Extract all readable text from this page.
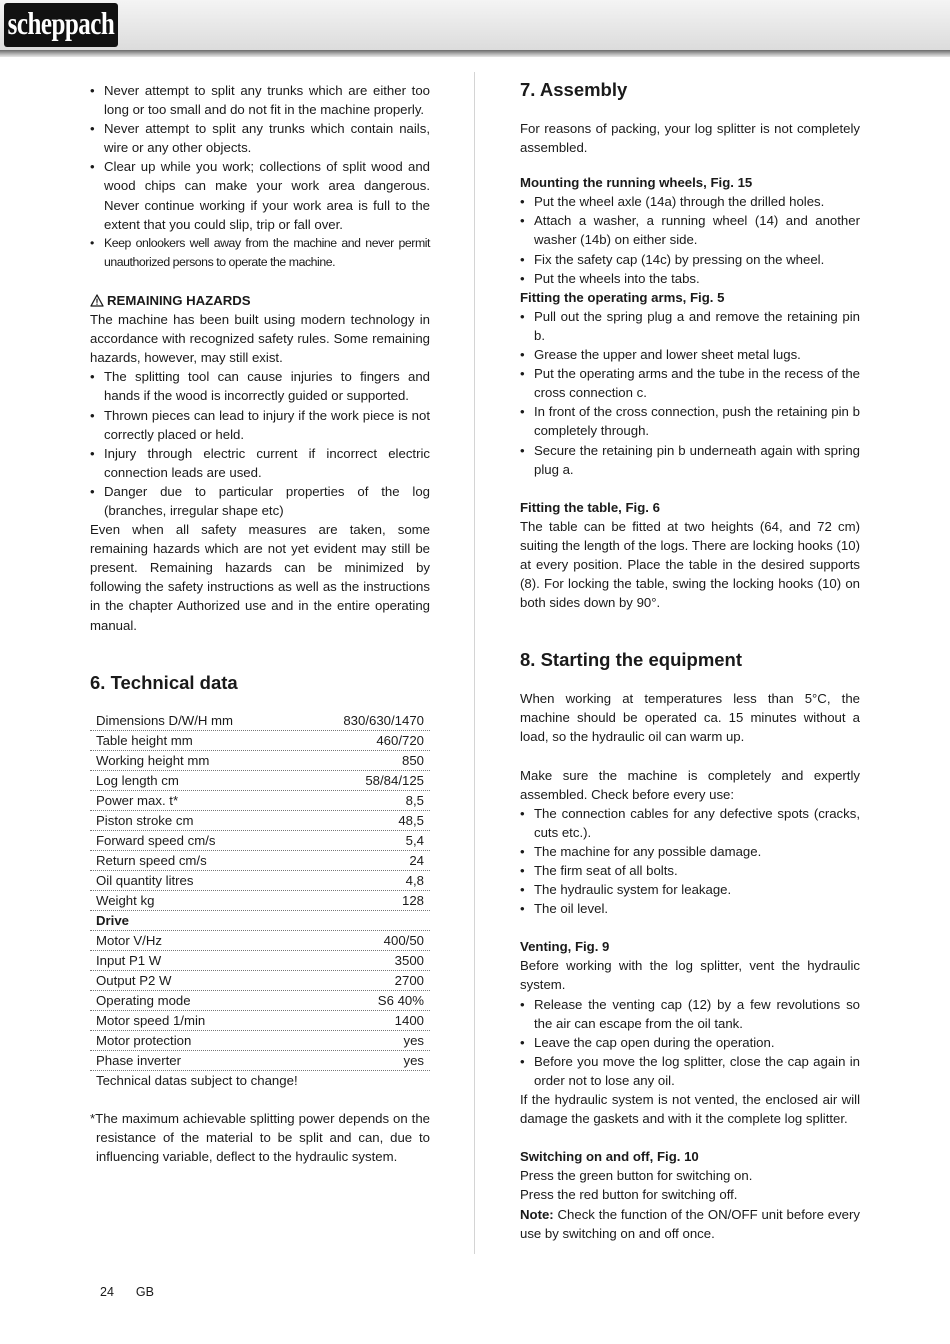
scheppach
• Never attempt to split any trunks which are either too long or too small and do not fit in the machine properly.
• Never attempt to split any trunks which contain nails, wire or any other objects.
• Clear up while you work; collections of split wood and wood chips can make your work area dangerous. Never continue working if your work area is full to the extent that you could slip, trip or fall over.
• Keep onlookers well away from the machine and never permit unauthorized persons to operate the machine.

REMAINING HAZARDS

The machine has been built using modern technology in accordance with recognized safety rules. Some remaining hazards, however, may still exist.

• The splitting tool can cause injuries to fingers and hands if the wood is incorrectly guided or supported.
• Thrown pieces can lead to injury if the work piece is not correctly placed or held.
• Injury through electric current if incorrect electric connection leads are used.
• Danger due to particular properties of the log (branches, irregular shape etc)

Even when all safety measures are taken, some remaining hazards which are not yet evident may still be present. Remaining hazards can be minimized by following the safety instructions as well as the instructions in the chapter Authorized use and in the entire operating manual.

6. Technical data

Dimensions D/W/H mm	830/630/1470
Table height mm	460/720
Working height mm	850
Log length cm	58/84/125
Power max. t*	8,5
Piston stroke cm	48,5
Forward speed cm/s	5,4
Return speed cm/s	24
Oil quantity litres	4,8
Weight kg	128
Drive
Motor V/Hz	400/50
Input P1 W	3500
Output P2 W	2700
Operating mode	S6 40%
Motor speed 1/min	1400
Motor protection	yes
Phase inverter	yes
Technical datas subject to change!

*The maximum achievable splitting power depends on the resistance of the material to be split and can, due to influencing variable, deflect to the hydraulic system.

7. Assembly

For reasons of packing, your log splitter is not completely assembled.

Mounting the running wheels, Fig. 15

• Put the wheel axle (14a) through the drilled holes.
• Attach a washer, a running wheel (14) and another washer (14b) on either side.
• Fix the safety cap (14c) by pressing on the wheel.
• Put the wheels into the tabs.

Fitting the operating arms, Fig. 5

• Pull out the spring plug a and remove the retaining pin b.
• Grease the upper and lower sheet metal lugs.
• Put the operating arms and the tube in the recess of the cross connection c.
• In front of the cross connection, push the retaining pin b completely through.
• Secure the retaining pin b underneath again with spring plug a.

Fitting the table, Fig. 6

The table can be fitted at two heights (64, and 72 cm) suiting the length of the logs. There are locking hooks (10) at every position. Place the table in the desired supports (8). For locking the table, swing the locking hooks (10) on both sides down by 90°.

8. Starting the equipment

When working at temperatures less than 5°C, the machine should be operated ca. 15 minutes without a load, so the hydraulic oil can warm up.

Make sure the machine is completely and expertly assembled. Check before every use:

• The connection cables for any defective spots (cracks, cuts etc.).
• The machine for any possible damage.
• The firm seat of all bolts.
• The hydraulic system for leakage.
• The oil level.

Venting, Fig. 9

Before working with the log splitter, vent the hydraulic system.

• Release the venting cap (12) by a few revolutions so the air can escape from the oil tank.
• Leave the cap open during the operation.
• Before you move the log splitter, close the cap again in order not to lose any oil.

If the hydraulic system is not vented, the enclosed air will damage the gaskets and with it the complete log splitter.

Switching on and off, Fig. 10

Press the green button for switching on.

Press the red button for switching off.

Note: Check the function of the ON/OFF unit before every use by switching on and off once.

24 GB
